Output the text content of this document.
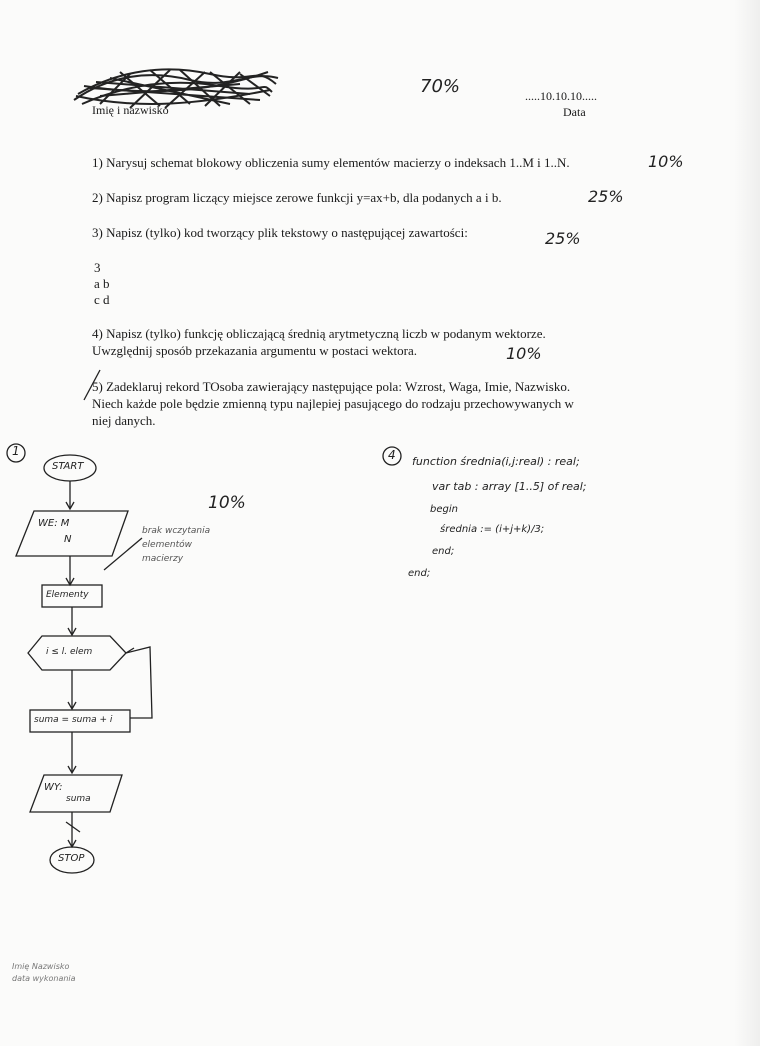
Imię i nazwisko
70%	.....10.10.10.....
Data
1) Narysuj schemat blokowy obliczenia sumy elementów macierzy o indeksach 1..M i 1..N.	10%
2) Napisz program liczący miejsce zerowe funkcji y=ax+b, dla podanych a i b.	25%
3) Napisz (tylko) kod tworzący plik tekstowy o następującej zawartości:	25%
3
a b
c d
4) Napisz (tylko) funkcję obliczającą średnią arytmetyczną liczb w podanym wektorze.
Uwzględnij sposób przekazania argumentu w postaci wektora.	10%
5) Zadeklaruj rekord TOsoba zawierający następujące pola: Wzrost, Waga, Imie, Nazwisko.
Niech każde pole będzie zmienną typu najlepiej pasującego do rodzaju przechowywanych w
niej danych.
1
10%
START
WE: M
N
brak wczytania
elementów
macierzy
Elementy
i ≤ l. elem
suma = suma + i
WY:
suma
STOP
4 function średnia(i,j:real) : real;
var tab : array [1..5] of real;
begin
średnia := (i+j+k)/3;
end;
end;
Imię Nazwisko
data wykonania
